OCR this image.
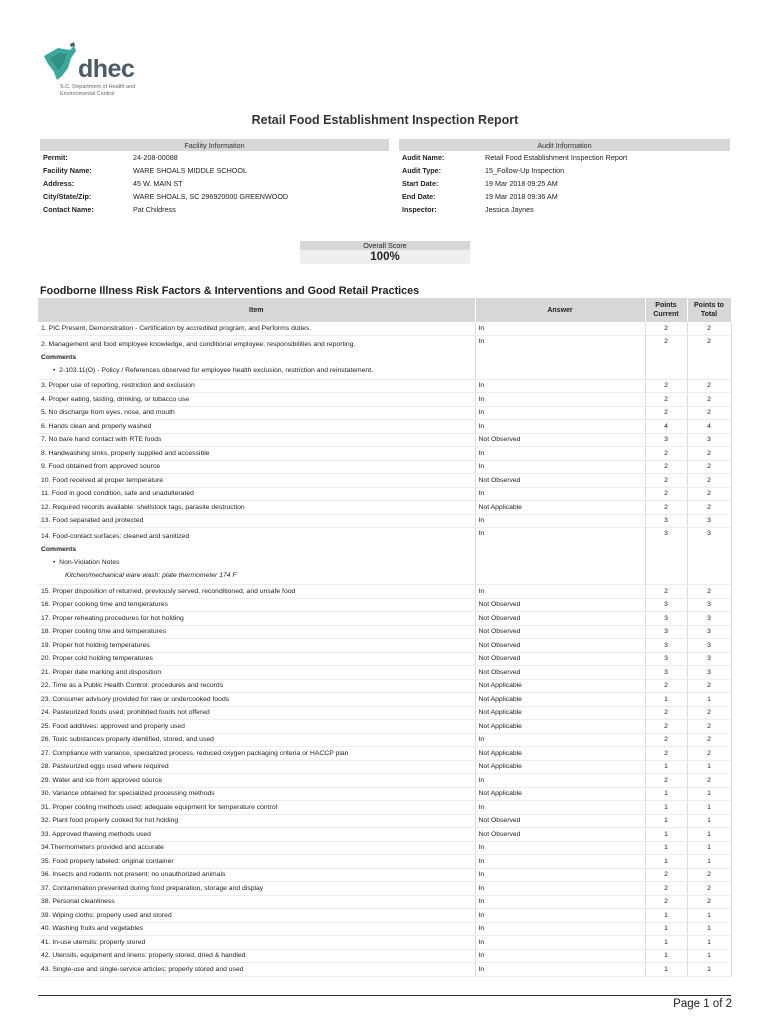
dhec
S.C. Department of Health and Environmental Control
Retail Food Establishment Inspection Report
Facility Information			Audit Information	
Permit:	24-208-00088		Audit Name:	Retail Food Establishment Inspection Report
Facility Name:	WARE SHOALS MIDDLE SCHOOL		Audit Type:	15_Follow-Up Inspection
Address:	45 W. MAIN ST		Start Date:	19 Mar 2018 09:25 AM
City/State/Zip:	WARE SHOALS, SC 296920000 GREENWOOD		End Date:	19 Mar 2018 09:36 AM
Contact Name:	Pat Childress		Inspector:	Jessica Jaynes
Overall Score
100%
Foodborne Illness Risk Factors & Interventions and Good Retail Practices
Item	Answer	Points Current	Points to Total

1. PIC Present, Demonstration - Certification by accredited program, and Performs duties.	In	2	2

2. Management and food employee knowledge, and conditional employee; responsibilities and reporting.
Comments
•  2-103.11(O) - Policy / References observed for employee health exclusion, restriction and reinstatement.	In	2	2

3. Proper use of reporting, restriction and exclusion	In	2	2

4. Proper eating, tasting, drinking, or tobacco use	In	2	2

5. No discharge from eyes, nose, and mouth	In	2	2

6. Hands clean and properly washed	In	4	4

7. No bare hand contact with RTE foods	Not Observed	3	3

8. Handwashing sinks, properly supplied and accessible	In	2	2

9. Food obtained from approved source	In	2	2

10. Food received at proper temperature	Not Observed	2	2

11. Food in good condition, safe and unadulterated	In	2	2

12. Required records available: shellstock tags, parasite destruction	Not Applicable	2	2

13. Food separated and protected	In	3	3

14. Food-contact surfaces: cleaned and sanitized
Comments
•  Non-Violation Notes
Kitchen/mechanical ware wash: plate thermometer 174 F	In	3	3

15. Proper disposition of returned, previously served, reconditioned, and unsafe food	In	2	2

16. Proper cooking time and temperatures	Not Observed	3	3

17. Proper reheating procedures for hot holding	Not Observed	3	3

18. Proper cooling time and temperatures	Not Observed	3	3

19. Proper hot holding temperatures	Not Observed	3	3

20. Proper cold holding temperatures	Not Observed	3	3

21. Proper date marking and disposition	Not Observed	3	3

22. Time as a Public Health Control: procedures and records	Not Applicable	2	2

23. Consumer advisory provided for raw or undercooked foods	Not Applicable	1	1

24. Pasteurized foods used; prohibited foods not offered	Not Applicable	2	2

25. Food additives: approved and properly used	Not Applicable	2	2

26. Toxic substances properly identified, stored, and used	In	2	2

27. Compliance with variance, specialized process, reduced oxygen packaging criteria or HACCP plan	Not Applicable	2	2

28. Pasteurized eggs used where required	Not Applicable	1	1

29. Water and ice from approved source	In	2	2

30. Variance obtained for specialized processing methods	Not Applicable	1	1

31. Proper cooling methods used; adequate equipment for temperature control	In	1	1

32. Plant food properly cooked for hot holding	Not Observed	1	1

33. Approved thawing methods used	Not Observed	1	1

34.Thermometers provided and accurate	In	1	1

35. Food properly labeled: original container	In	1	1

36. Insects and rodents not present; no unauthorized animals	In	2	2

37. Contamination prevented during food preparation, storage and display	In	2	2

38. Personal cleanliness	In	2	2

39. Wiping cloths: properly used and stored	In	1	1

40. Washing fruits and vegetables	In	1	1

41. In-use utensils: properly stored	In	1	1

42. Utensils, equipment and linens: properly stored, dried & handled	In	1	1

43. Single-use and single-service articles; properly stored and used	In	1	1
Page 1 of 2
